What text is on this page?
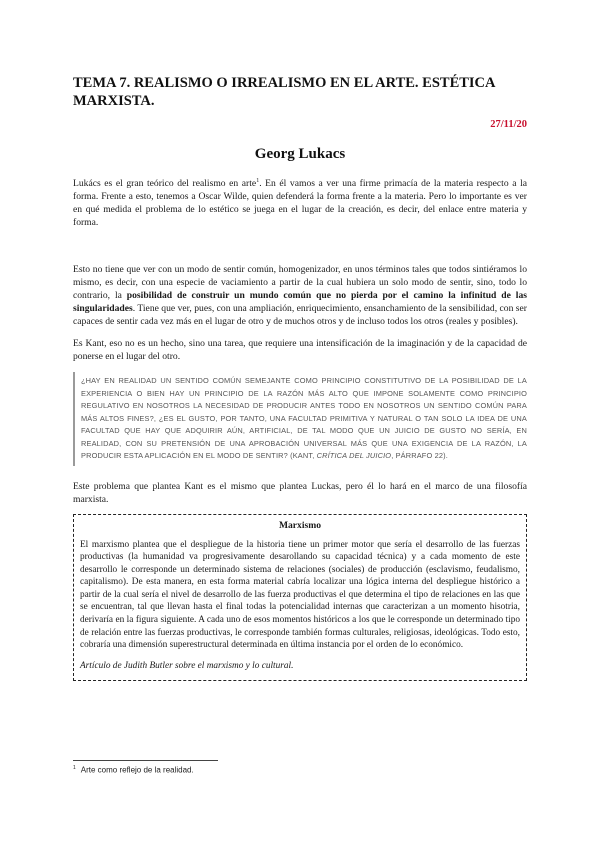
TEMA 7. REALISMO O IRREALISMO EN EL ARTE. ESTÉTICA MARXISTA.
27/11/20
Georg Lukacs

Lukács es el gran teórico del realismo en arte$^1$. En él vamos a ver una firme primacía de la materia respecto a la forma. Frente a esto, tenemos a Oscar Wilde, quien defenderá la forma frente a la materia. Pero lo importante es ver en qué medida el problema de lo estético se juega en el lugar de la creación, es decir, del enlace entre materia y forma.

Esto no tiene que ver con un modo de sentir común, homogenizador, en unos términos tales que todos sintiéramos lo mismo, es decir, con una especie de vaciamiento a partir de la cual hubiera un solo modo de sentir, sino, todo lo contrario, la posibilidad de construir un mundo común que no pierda por el camino la infinitud de las singularidades. Tiene que ver, pues, con una ampliación, enriquecimiento, ensanchamiento de la sensibilidad, con ser capaces de sentir cada vez más en el lugar de otro y de muchos otros y de incluso todos los otros (reales y posibles).

Es Kant, eso no es un hecho, sino una tarea, que requiere una intensificación de la imaginación y de la capacidad de ponerse en el lugar del otro.

¿HAY EN REALIDAD UN SENTIDO COMÚN SEMEJANTE COMO PRINCIPIO CONSTITUTIVO DE LA POSIBILIDAD DE LA EXPERIENCIA O BIEN HAY UN PRINCIPIO DE LA RAZÓN MÁS ALTO QUE IMPONE SOLAMENTE COMO PRINCIPIO REGULATIVO EN NOSOTROS LA NECESIDAD DE PRODUCIR ANTES TODO EN NOSOTROS UN SENTIDO COMÚN PARA MÁS ALTOS FINES?, ¿ES EL GUSTO, POR TANTO, UNA FACULTAD PRIMITIVA Y NATURAL O TAN SOLO LA IDEA DE UNA FACULTAD QUE HAY QUE ADQUIRIR AÚN, ARTIFICIAL, DE TAL MODO QUE UN JUICIO DE GUSTO NO SERÍA, EN REALIDAD, CON SU PRETENSIÓN DE UNA APROBACIÓN UNIVERSAL MÁS QUE UNA EXIGENCIA DE LA RAZÓN, LA PRODUCIR ESTA APLICACIÓN EN EL MODO DE SENTIR? (KANT, CRÍTICA DEL JUICIO, PÁRRAFO 22).

Este problema que plantea Kant es el mismo que plantea Luckas, pero él lo hará en el marco de una filosofía marxista.

Marxismo

El marxismo plantea que el despliegue de la historia tiene un primer motor que sería el desarrollo de las fuerzas productivas (la humanidad va progresivamente desarollando su capacidad técnica) y a cada momento de este desarrollo le corresponde un determinado sistema de relaciones (sociales) de producción (esclavismo, feudalismo, capitalismo). De esta manera, en esta forma material cabría localizar una lógica interna del despliegue histórico a partir de la cual sería el nivel de desarrollo de las fuerza productivas el que determina el tipo de relaciones en las que se encuentran, tal que llevan hasta el final todas la potencialidad internas que caracterizan a un momento hisotria, derivaría en la figura siguiente. A cada uno de esos momentos históricos a los que le corresponde un determinado tipo de relación entre las fuerzas productivas, le corresponde también formas culturales, religiosas, ideológicas. Todo esto, cobraría una dimensión superestructural determinada en última instancia por el orden de lo económico.

Artículo de Judith Butler sobre el marxismo y lo cultural.

$^1$ Arte como reflejo de la realidad.
